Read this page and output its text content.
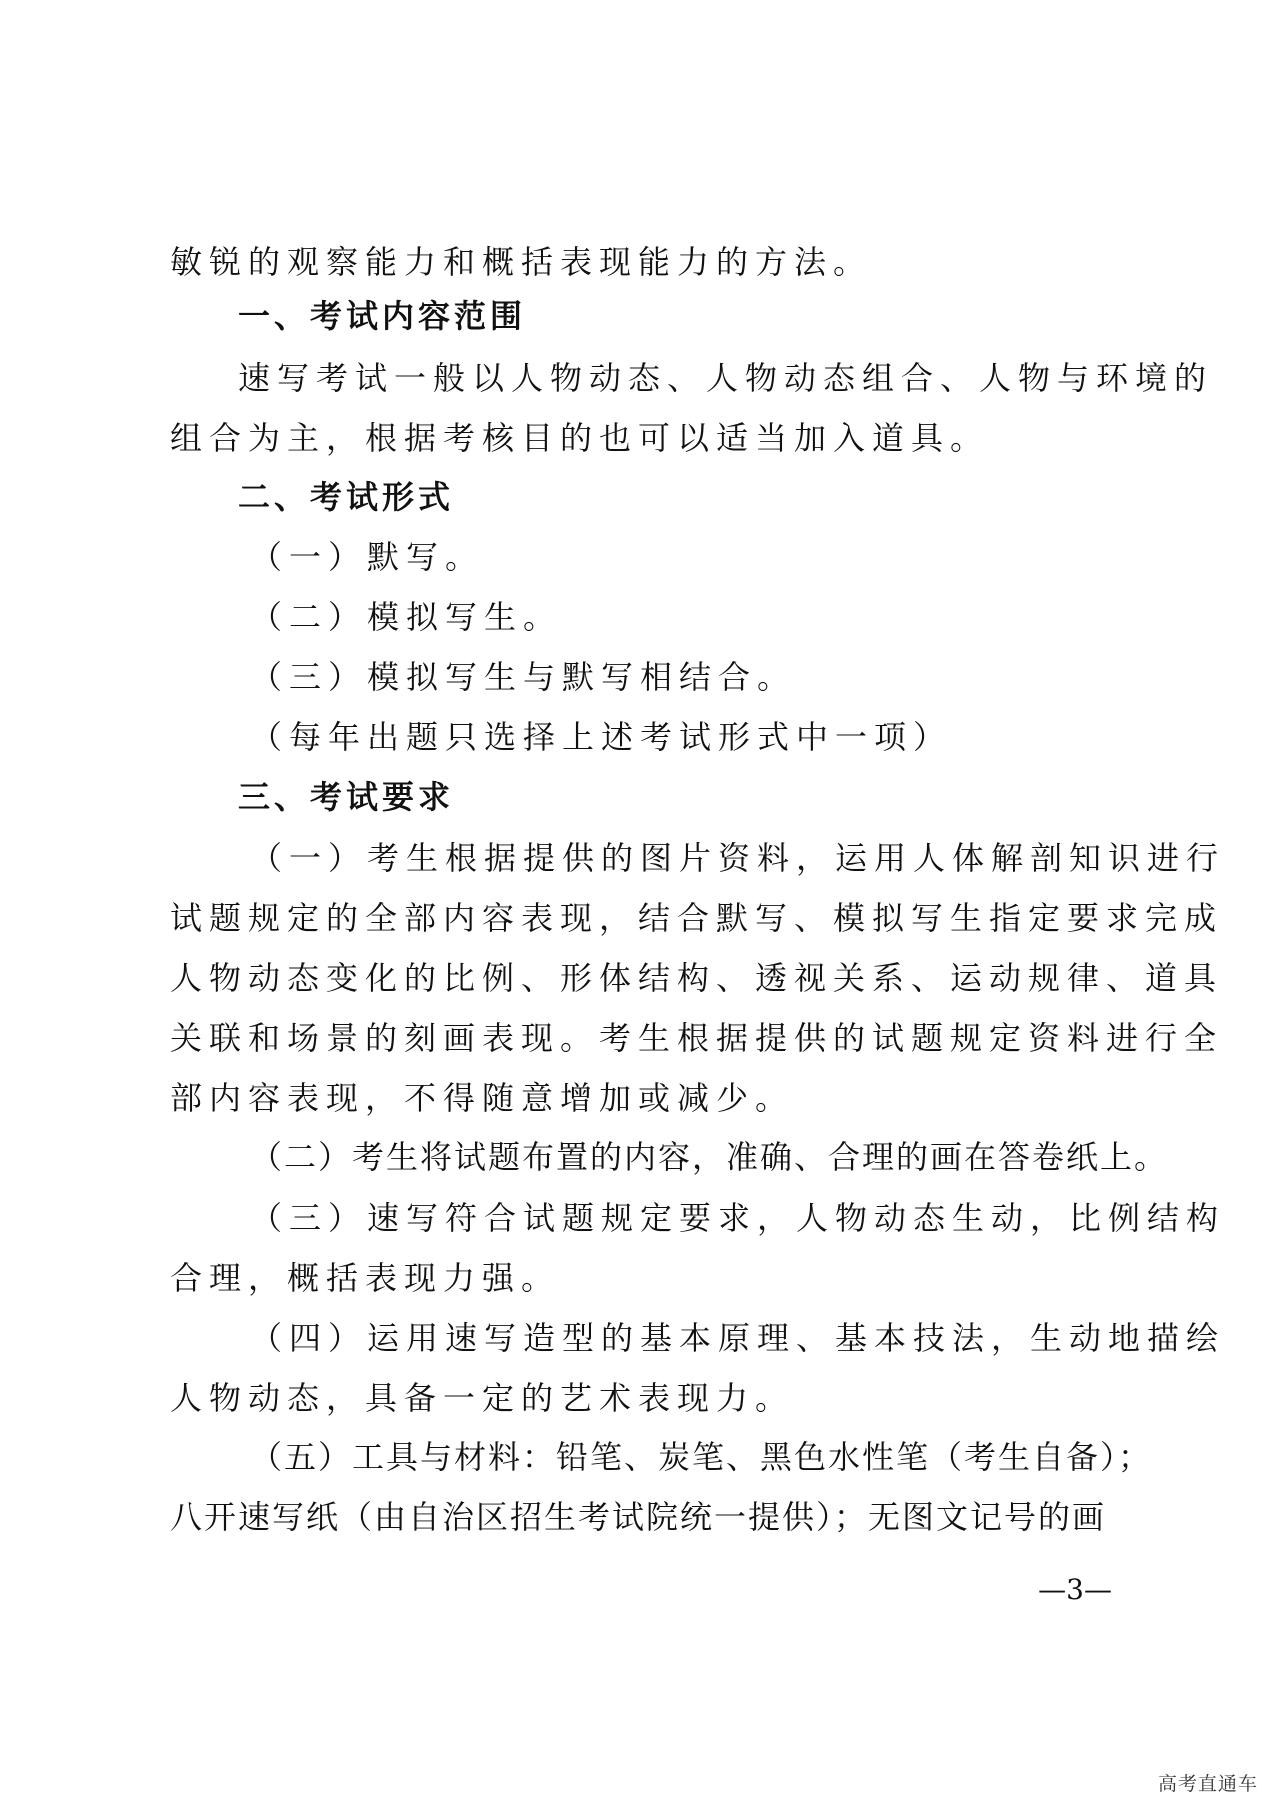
敏锐的观察能力和概括表现能力的方法。
一、考试内容范围
速写考试一般以人物动态、人物动态组合、人物与环境的
组合为主，根据考核目的也可以适当加入道具。
二、考试形式
（一）默写。
（二）模拟写生。
（三）模拟写生与默写相结合。
（每年出题只选择上述考试形式中一项）
三、考试要求
（一）考生根据提供的图片资料，运用人体解剖知识进行
试题规定的全部内容表现，结合默写、模拟写生指定要求完成
人物动态变化的比例、形体结构、透视关系、运动规律、道具
关联和场景的刻画表现。考生根据提供的试题规定资料进行全
部内容表现，不得随意增加或减少。
（二）考生将试题布置的内容，准确、合理的画在答卷纸上。
（三）速写符合试题规定要求，人物动态生动，比例结构
合理，概括表现力强。
（四）运用速写造型的基本原理、基本技法，生动地描绘
人物动态，具备一定的艺术表现力。
（五）工具与材料：铅笔、炭笔、黑色水性笔（考生自备）；
八开速写纸（由自治区招生考试院统一提供）；无图文记号的画
—3—
高考直通车
